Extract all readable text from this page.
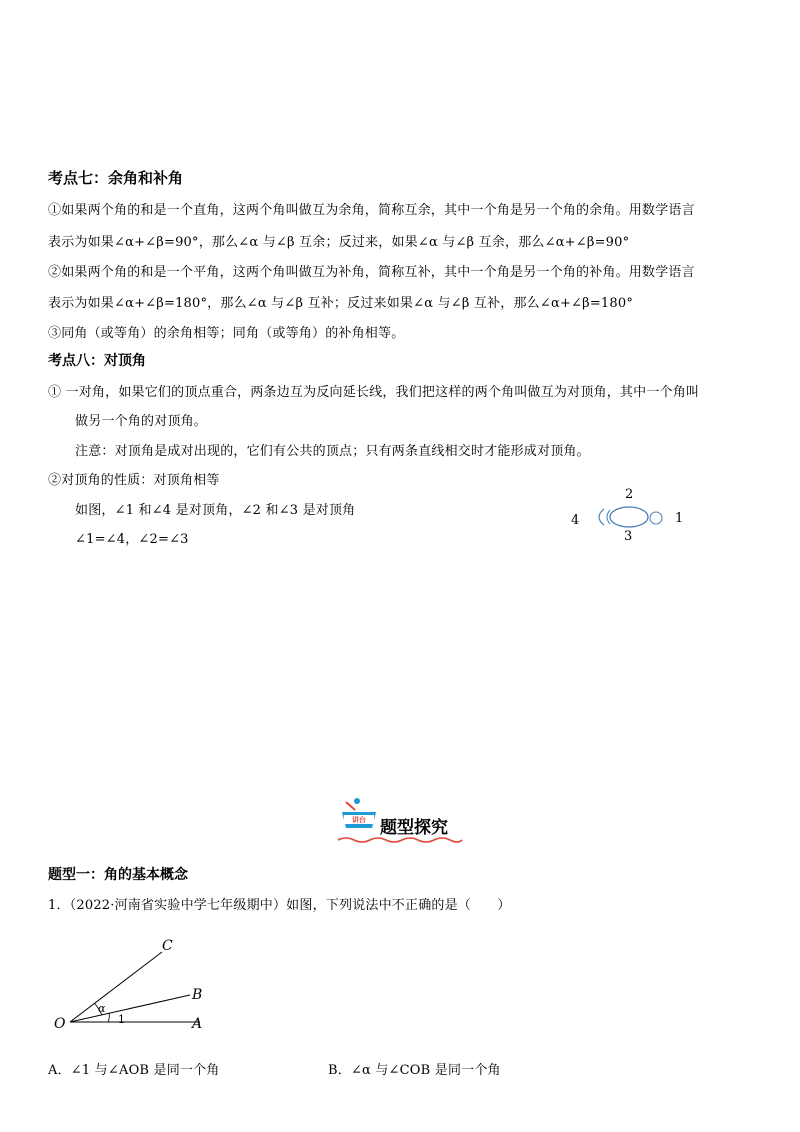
考点七：余角和补角
①如果两个角的和是一个直角，这两个角叫做互为余角，简称互余，其中一个角是另一个角的余角。用数学语言
表示为如果∠α+∠β=90°，那么∠α 与∠β 互余；反过来，如果∠α 与∠β 互余，那么∠α+∠β=90°
②如果两个角的和是一个平角，这两个角叫做互为补角，简称互补，其中一个角是另一个角的补角。用数学语言
表示为如果∠α+∠β=180°，那么∠α 与∠β 互补；反过来如果∠α 与∠β 互补，那么∠α+∠β=180°
③同角（或等角）的余角相等；同角（或等角）的补角相等。
考点八：对顶角
① 一对角，如果它们的顶点重合，两条边互为反向延长线，我们把这样的两个角叫做互为对顶角，其中一个角叫
做另一个角的对顶角。
注意：对顶角是成对出现的，它们有公共的顶点；只有两条直线相交时才能形成对顶角。
②对顶角的性质：对顶角相等
如图，∠1 和∠4 是对顶角，∠2 和∠3 是对顶角
∠1=∠4，∠2=∠3
2
4	1
3
讲台 题型探究
题型一：角的基本概念
1．（2022·河南省实验中学七年级期中）如图，下列说法中不正确的是（　　）
O	A
B
C
α
1
A．∠1 与∠AOB 是同一个角	B．∠α 与∠COB 是同一个角
